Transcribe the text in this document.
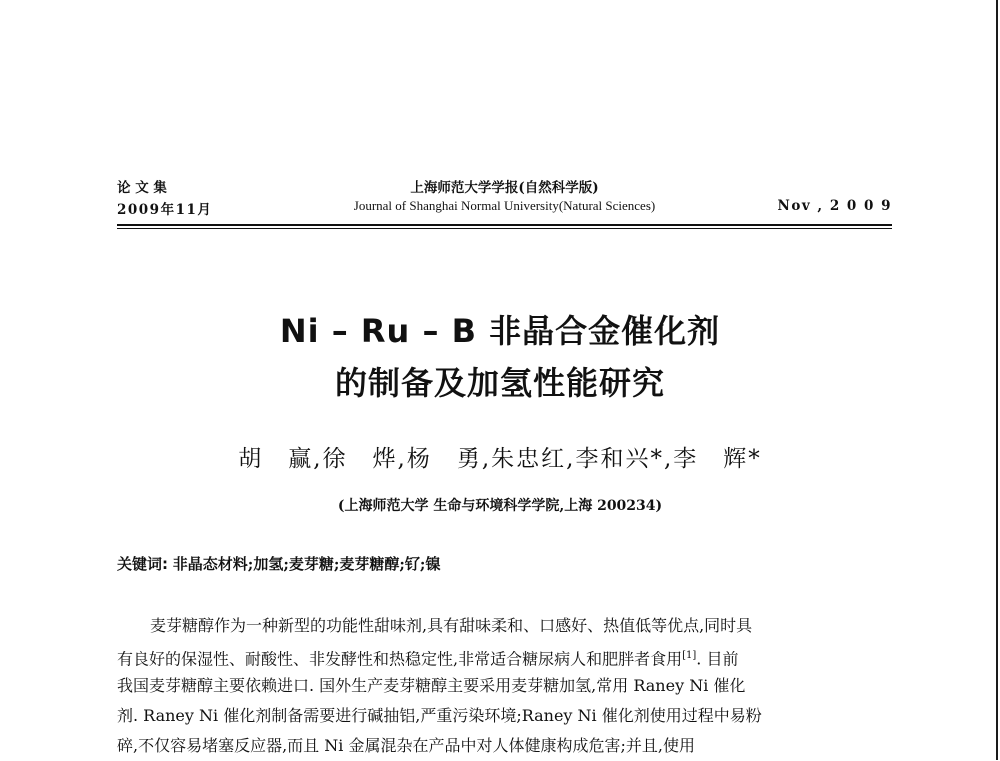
论 文 集	上海师范大学学报(自然科学版)
2009年11月	Journal of Shanghai Normal University(Natural Sciences)	Nov , 2 0 0 9
Ni – Ru – B 非晶合金催化剂
的制备及加氢性能研究
胡　赢,徐　烨,杨　勇,朱忠红,李和兴*,李　辉*
(上海师范大学 生命与环境科学学院,上海 200234)
关键词: 非晶态材料;加氢;麦芽糖;麦芽糖醇;钌;镍
麦芽糖醇作为一种新型的功能性甜味剂,具有甜味柔和、口感好、热值低等优点,同时具
有良好的保湿性、耐酸性、非发酵性和热稳定性,非常适合糖尿病人和肥胖者食用[1]. 目前
我国麦芽糖醇主要依赖进口. 国外生产麦芽糖醇主要采用麦芽糖加氢,常用 Raney Ni 催化
剂. Raney Ni 催化剂制备需要进行碱抽铝,严重污染环境;Raney Ni 催化剂使用过程中易粉
碎,不仅容易堵塞反应器,而且 Ni 金属混杂在产品中对人体健康构成危害;并且,使用
